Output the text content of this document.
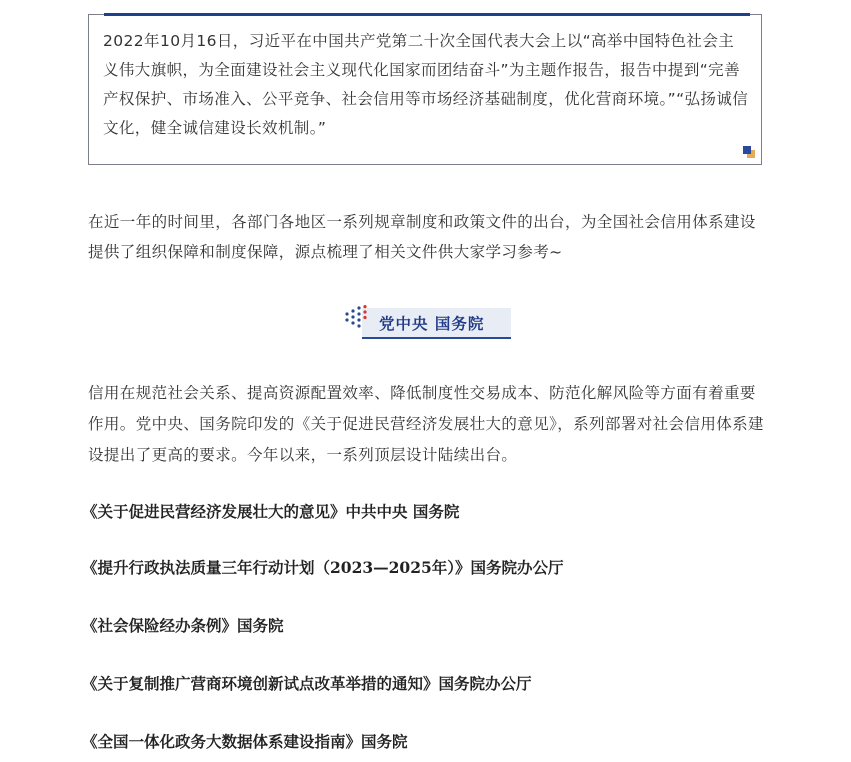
2022年10月16日，习近平在中国共产党第二十次全国代表大会上以“高举中国特色社会主义伟大旗帜，为全面建设社会主义现代化国家而团结奋斗”为主题作报告，报告中提到“完善产权保护、市场准入、公平竞争、社会信用等市场经济基础制度，优化营商环境。”“弘扬诚信文化，健全诚信建设长效机制。”

在近一年的时间里，各部门各地区一系列规章制度和政策文件的出台，为全国社会信用体系建设提供了组织保障和制度保障，源点梳理了相关文件供大家学习参考~

党中央 国务院

信用在规范社会关系、提高资源配置效率、降低制度性交易成本、防范化解风险等方面有着重要作用。党中央、国务院印发的《关于促进民营经济发展壮大的意见》，系列部署对社会信用体系建设提出了更高的要求。今年以来，一系列顶层设计陆续出台。

《关于促进民营经济发展壮大的意见》中共中央 国务院

《提升行政执法质量三年行动计划（2023—2025年）》国务院办公厅

《社会保险经办条例》国务院

《关于复制推广营商环境创新试点改革举措的通知》国务院办公厅

《全国一体化政务大数据体系建设指南》国务院
